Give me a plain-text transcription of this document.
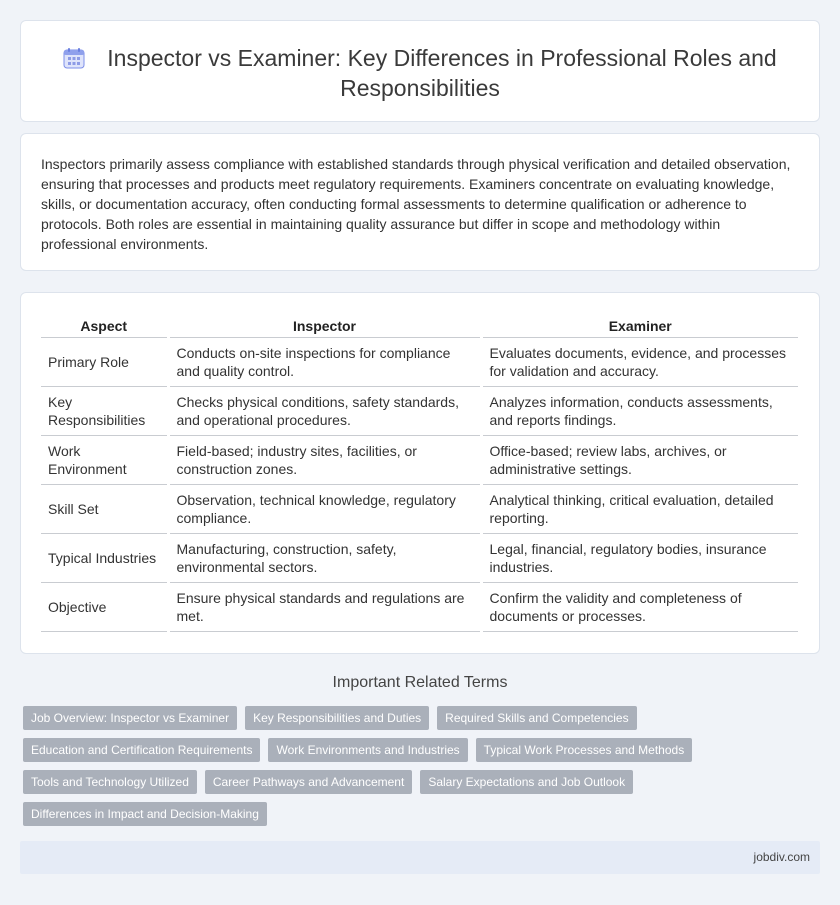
Inspector vs Examiner: Key Differences in Professional Roles and Responsibilities

Inspectors primarily assess compliance with established standards through physical verification and detailed observation, ensuring that processes and products meet regulatory requirements. Examiners concentrate on evaluating knowledge, skills, or documentation accuracy, often conducting formal assessments to determine qualification or adherence to protocols. Both roles are essential in maintaining quality assurance but differ in scope and methodology within professional environments.

Aspect	Inspector	Examiner
Primary Role	Conducts on-site inspections for compliance and quality control.	Evaluates documents, evidence, and processes for validation and accuracy.
Key Responsibilities	Checks physical conditions, safety standards, and operational procedures.	Analyzes information, conducts assessments, and reports findings.
Work Environment	Field-based; industry sites, facilities, or construction zones.	Office-based; review labs, archives, or administrative settings.
Skill Set	Observation, technical knowledge, regulatory compliance.	Analytical thinking, critical evaluation, detailed reporting.
Typical Industries	Manufacturing, construction, safety, environmental sectors.	Legal, financial, regulatory bodies, insurance industries.
Objective	Ensure physical standards and regulations are met.	Confirm the validity and completeness of documents or processes.
Important Related Terms
Job Overview: Inspector vs Examiner	Key Responsibilities and Duties	Required Skills and Competencies
Education and Certification Requirements	Work Environments and Industries	Typical Work Processes and Methods
Tools and Technology Utilized	Career Pathways and Advancement	Salary Expectations and Job Outlook
Differences in Impact and Decision-Making
jobdiv.com
